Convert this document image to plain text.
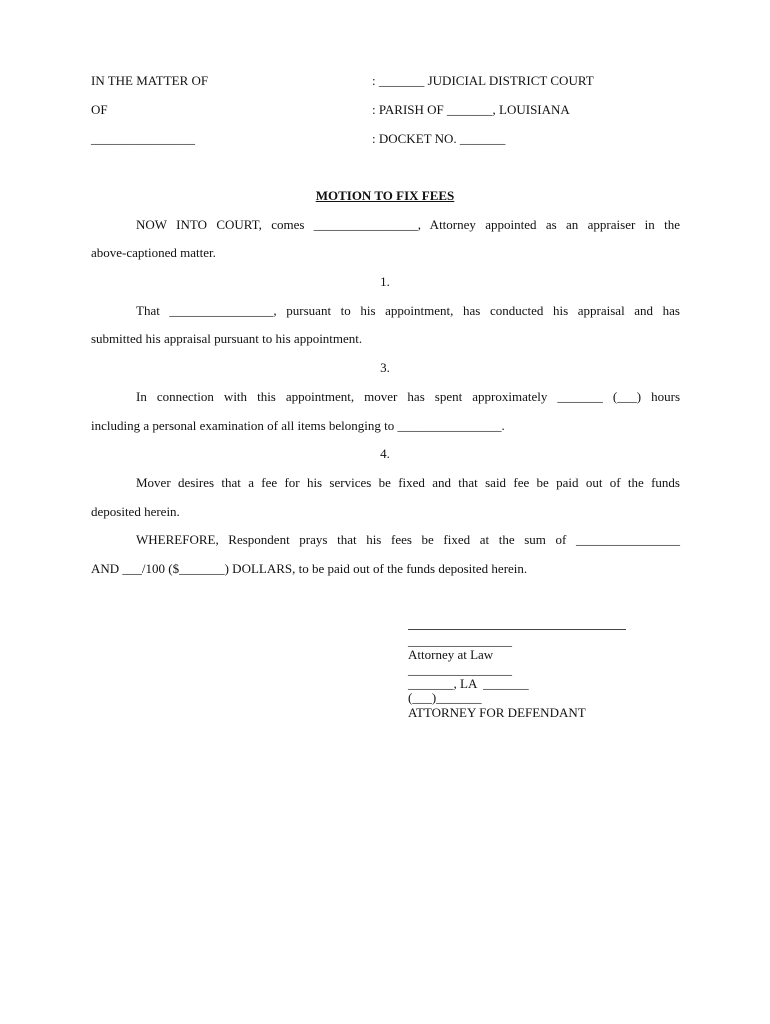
IN THE MATTER OF
OF
________________
: _______ JUDICIAL DISTRICT COURT
: PARISH OF _______, LOUISIANA
: DOCKET NO. _______
MOTION TO FIX FEES
NOW INTO COURT, comes ________________, Attorney appointed as an appraiser in the
above-captioned matter.
1.
That ________________, pursuant to his appointment, has conducted his appraisal and has
submitted his appraisal pursuant to his appointment.
3.
In connection with this appointment, mover has spent approximately _______ (___) hours
including a personal examination of all items belonging to ________________.
4.
Mover desires that a fee for his services be fixed and that said fee be paid out of the funds
deposited herein.
WHEREFORE, Respondent prays that his fees be fixed at the sum of ________________
AND ___/100 ($_______) DOLLARS, to be paid out of the funds deposited herein.
________________
Attorney at Law
________________
_______, LA  _______
(___)_______
ATTORNEY FOR DEFENDANT
